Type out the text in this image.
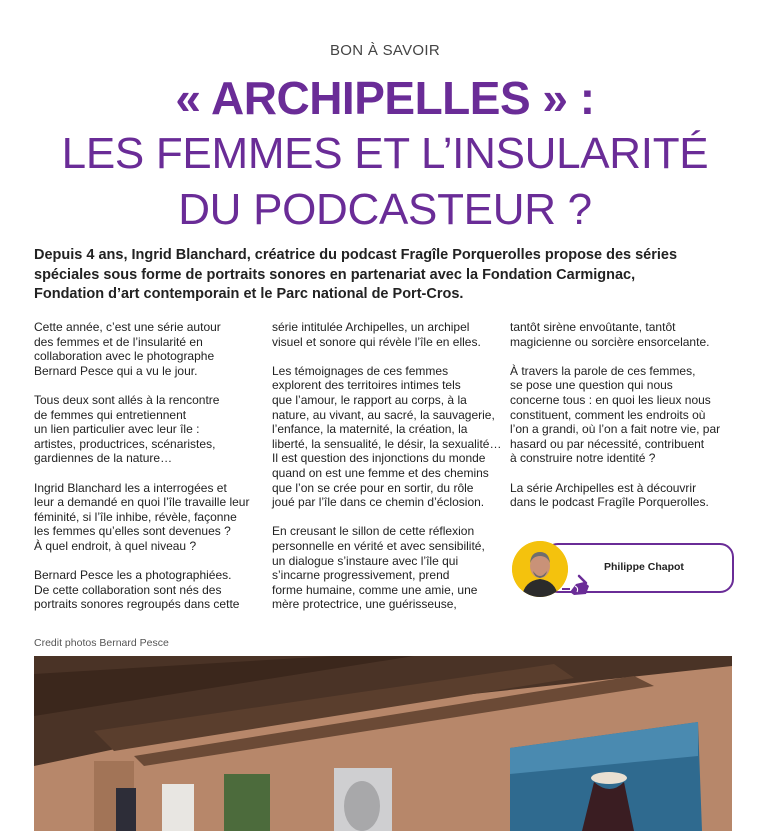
BON À SAVOIR
« ARCHIPELLES » :
LES FEMMES ET L’INSULARITÉ
DU PODCASTEUR ?
Depuis 4 ans, Ingrid Blanchard, créatrice du podcast Fragîle Porquerolles propose des séries
spéciales sous forme de portraits sonores en partenariat avec la Fondation Carmignac,
Fondation d’art contemporain et le Parc national de Port-Cros.
Cette année, c’est une série autour
des femmes et de l’insularité en
collaboration avec le photographe
Bernard Pesce qui a vu le jour.
Tous deux sont allés à la rencontre
de femmes qui entretiennent
un lien particulier avec leur île :
artistes, productrices, scénaristes,
gardiennes de la nature…
Ingrid Blanchard les a interrogées et
leur a demandé en quoi l’île travaille leur
féminité, si l’île inhibe, révèle, façonne
les femmes qu’elles sont devenues ?
À quel endroit, à quel niveau ?
Bernard Pesce les a photographiées.
De cette collaboration sont nés des
portraits sonores regroupés dans cette
série intitulée Archipelles, un archipel
visuel et sonore qui révèle l’île en elles.
Les témoignages de ces femmes
explorent des territoires intimes tels
que l’amour, le rapport au corps, à la
nature, au vivant, au sacré, la sauvagerie,
l’enfance, la maternité, la création, la
liberté, la sensualité, le désir, la sexualité…
Il est question des injonctions du monde
quand on est une femme et des chemins
que l’on se crée pour en sortir, du rôle
joué par l’île dans ce chemin d’éclosion.
En creusant le sillon de cette réflexion
personnelle en vérité et avec sensibilité,
un dialogue s’instaure avec l’île qui
s’incarne progressivement, prend
forme humaine, comme une amie, une
mère protectrice, une guérisseuse,
tantôt sirène envoûtante, tantôt
magicienne ou sorcière ensorcelante.
À travers la parole de ces femmes,
se pose une question qui nous
concerne tous : en quoi les lieux nous
constituent, comment les endroits où
l’on a grandi, où l’on a fait notre vie, par
hasard ou par nécessité, contribuent
à construire notre identité ?
La série Archipelles est à découvrir
dans le podcast Fragîle Porquerolles.
Philippe Chapot
Credit photos Bernard Pesce
